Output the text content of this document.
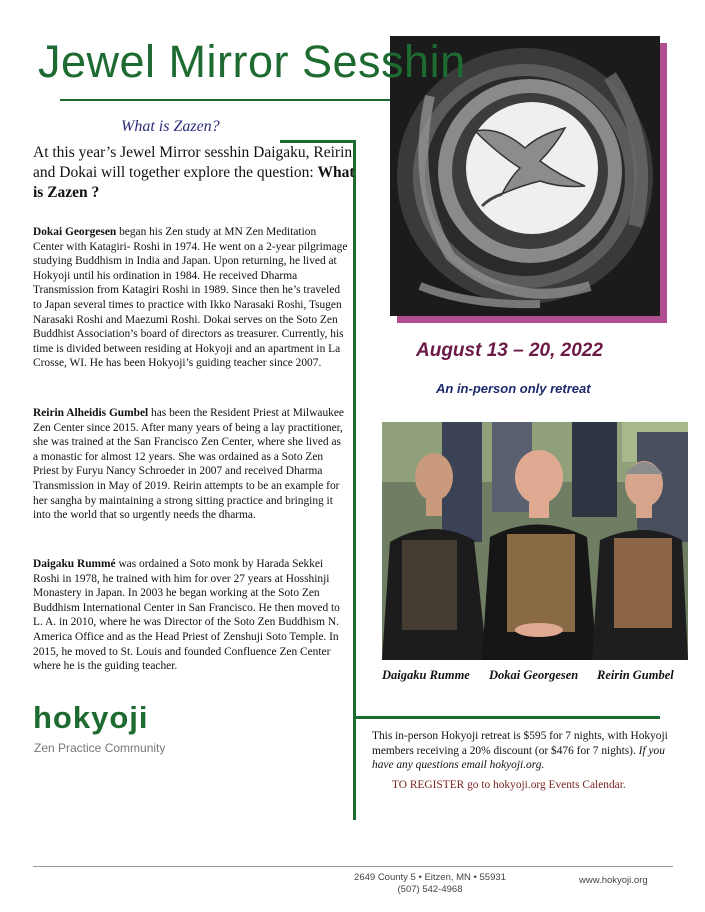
Jewel Mirror Sesshin
What is Zazen?
At this year’s Jewel Mirror sesshin Daigaku, Reirin and Dokai will together explore the question: What is Zazen ?
Dokai Georgesen began his Zen study at MN Zen Meditation Center with Katagiri- Roshi in 1974. He went on a 2-year pilgrimage studying Buddhism in India and Japan. Upon returning, he lived at Hokyoji until his ordination in 1984. He received Dharma Transmission from Katagiri Roshi in 1989. Since then he’s traveled to Japan several times to practice with Ikko Narasaki Roshi, Tsugen Narasaki Roshi and Maezumi Roshi. Dokai serves on the Soto Zen Buddhist Association’s board of directors as treasurer. Currently, his time is divided between residing at Hokyoji and an apartment in La Crosse, WI. He has been Hokyoji’s guiding teacher since 2007.
Reirin Alheidis Gumbel has been the Resident Priest at Milwaukee Zen Center since 2015. After many years of being a lay practitioner, she was trained at the San Francisco Zen Center, where she lived as a monastic for almost 12 years. She was ordained as a Soto Zen Priest by Furyu Nancy Schroeder in 2007 and received Dharma Transmission in May of 2019. Reirin attempts to be an example for her sangha by maintaining a strong sitting practice and bringing it into the world that so urgently needs the dharma.
Daigaku Rummé was ordained a Soto monk by Harada Sekkei Roshi in 1978, he trained with him for over 27 years at Hosshinji Monastery in Japan. In 2003 he began working at the Soto Zen Buddhism International Center in San Francisco. He then moved to L. A. in 2010, where he was Director of the Soto Zen Buddhism N. America Office and as the Head Priest of Zenshuji Soto Temple. In 2015, he moved to St. Louis and founded Confluence Zen Center where he is the guiding teacher.
August 13 – 20, 2022
An in-person only retreat
Daigaku Rumme Dokai Georgesen Reirin Gumbel
This in-person Hokyoji retreat is $595 for 7 nights, with Hokyoji members receiving a 20% discount (or $476 for 7 nights). If you have any questions email hokyoji.org.
TO REGISTER go to hokyoji.org Events Calendar.
hokyoji
Zen Practice Community
2649 County 5 • Eitzen, MN • 55931
(507) 542-4968
www.hokyoji.org
